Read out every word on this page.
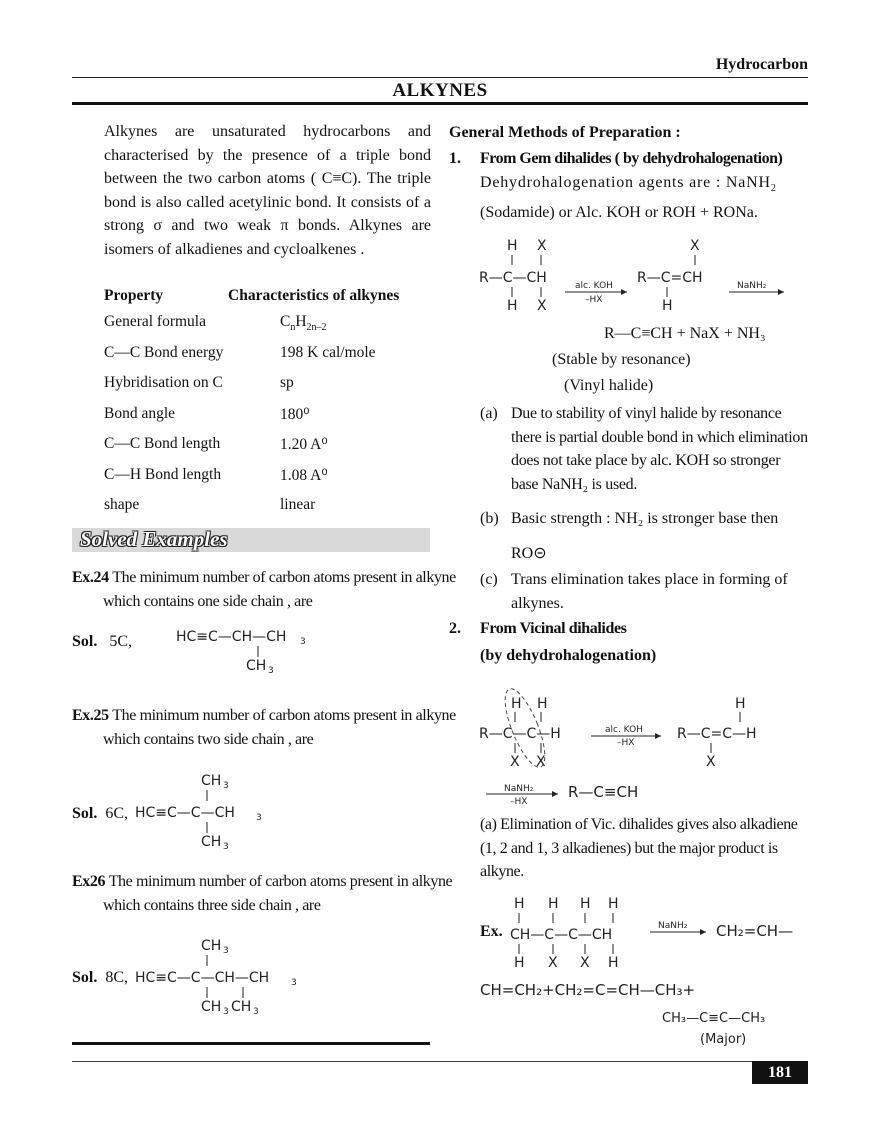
Hydrocarbon
ALKYNES
Alkynes are unsaturated hydrocarbons and characterised by the presence of a triple bond between the two carbon atoms ( C≡C). The triple bond is also called acetylinic bond. It consists of a strong σ and two weak π bonds. Alkynes are isomers of alkadienes and cycloalkenes .
Property	Characteristics of alkynes
General formula	$C_nH_{2n-2}$
C—C Bond energy	198 K cal/mole
Hybridisation on C	sp
Bond angle	180⁰
C—C Bond length	1.20 A⁰
C—H Bond length	1.08 A⁰
shape	linear
Solved Examples
Ex.24 The minimum number of carbon atoms present in alkyne which contains one side chain , are
Sol. 5C,	HC≡C—CH—CH 3
CH 3
Ex.25 The minimum number of carbon atoms present in alkyne which contains two side chain , are
Sol. 6C,
CH 3
HC≡C—C—CH 3
CH 3
Ex26 The minimum number of carbon atoms present in alkyne which contains three side chain , are
Sol. 8C,
CH 3
HC≡C—C—CH—CH 3
CH 3 CH 3
General Methods of Preparation :
1. From Gem dihalides ( by dehydrohalogenation)
Dehydrohalogenation agents are : NaNH$_2$
(Sodamide) or Alc. KOH or ROH + RONa.
H X
R—C—CH
H X
alc. KOH
–HX
X
R—C=CH
H
NaNH₂
R—C≡CH + NaX + NH₃
(Stable by resonance)
(Vinyl halide)
(a) Due to stability of vinyl halide by resonance there is partial double bond in which elimination does not take place by alc. KOH so stronger base NaNH₂ is used.
(b) Basic strength : NH₂ is stronger base then
RO⊝
(c) Trans elimination takes place in forming of alkynes.
2. From Vicinal dihalides
(by dehydrohalogenation)
H H
R—C—C—H
X X
alc. KOH
–HX
H
R—C=C—H
X
NaNH₂
–HX
R—C≡CH
(a) Elimination of Vic. dihalides gives also alkadiene (1, 2 and 1, 3 alkadienes) but the major product is alkyne.
Ex.
H H H H
CH—C—C—CH
H X X H
NaNH₂ CH₂=CH—
CH=CH₂+CH₂=C=CH—CH₃+
CH₃—C≡C—CH₃
(Major)
181
